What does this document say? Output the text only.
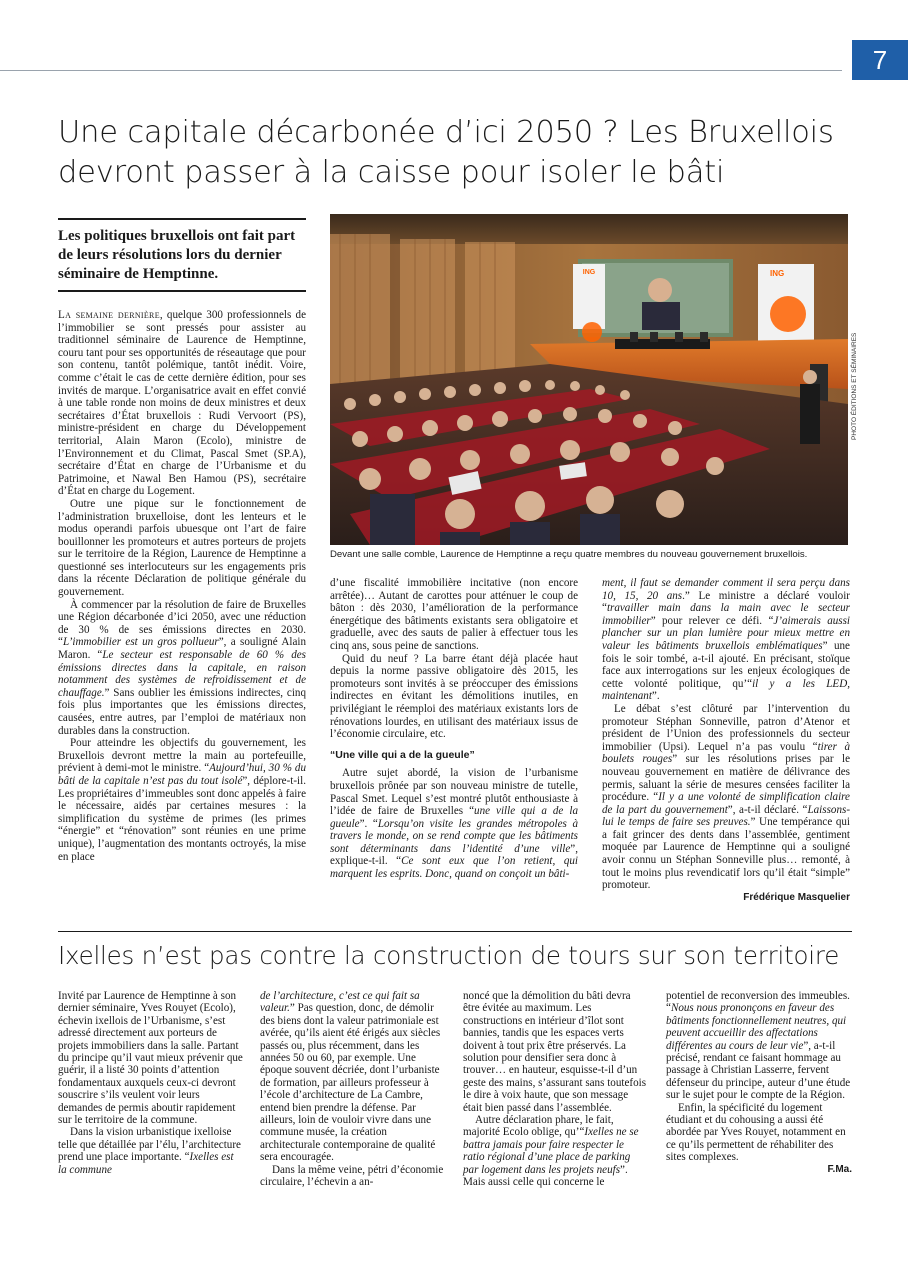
7
Une capitale décarbonée d’ici 2050 ? Les Bruxellois devront passer à la caisse pour isoler le bâti
Les politiques bruxellois ont fait part de leurs résolutions lors du dernier séminaire de Hemptinne.

La semaine dernière, quelque 300 professionnels de l’immobilier se sont pressés pour assister au traditionnel séminaire de Laurence de Hemptinne, couru tant pour ses opportunités de réseautage que pour son contenu, tantôt polémique, tantôt inédit. Voire, comme c’était le cas de cette dernière édition, pour ses invités de marque. L’organisatrice avait en effet convié à une table ronde non moins de deux ministres et deux secrétaires d’État bruxellois : Rudi Vervoort (PS), ministre-président en charge du Développement territorial, Alain Maron (Ecolo), ministre de l’Environnement et du Climat, Pascal Smet (SP.A), secrétaire d’État en charge de l’Urbanisme et du Patrimoine, et Nawal Ben Hamou (PS), secrétaire d’État en charge du Logement.

Outre une pique sur le fonctionnement de l’administration bruxelloise, dont les lenteurs et le modus operandi parfois ubuesque ont l’art de faire bouillonner les promoteurs et autres porteurs de projets sur le territoire de la Région, Laurence de Hemptinne a questionné ses interlocuteurs sur les engagements pris dans la récente Déclaration de politique générale du gouvernement.

À commencer par la résolution de faire de Bruxelles une Région décarbonée d’ici 2050, avec une réduction de 30 % de ses émissions directes en 2030. “L’immobilier est un gros pollueur”, a souligné Alain Maron. “Le secteur est responsable de 60 % des émissions directes dans la capitale, en raison notamment des systèmes de refroidissement et de chauffage.” Sans oublier les émissions indirectes, cinq fois plus importantes que les émissions directes, causées, entre autres, par l’emploi de matériaux non durables dans la construction.

Pour atteindre les objectifs du gouvernement, les Bruxellois devront mettre la main au portefeuille, prévient à demi-mot le ministre. “Aujourd’hui, 30 % du bâti de la capitale n’est pas du tout isolé”, déplore-t-il. Les propriétaires d’immeubles sont donc appelés à faire le nécessaire, aidés par certaines mesures : la simplification du système de primes (les primes “énergie” et “rénovation” sont réunies en une prime unique), l’augmentation des montants octroyés, la mise en place

ING	ING
PHOTO ÉDITIONS ET SÉMINAIRES
Devant une salle comble, Laurence de Hemptinne a reçu quatre membres du nouveau gouvernement bruxellois.

d’une fiscalité immobilière incitative (non encore arrêtée)… Autant de carottes pour atténuer le coup de bâton : dès 2030, l’amélioration de la performance énergétique des bâtiments existants sera obligatoire et graduelle, avec des sauts de palier à effectuer tous les cinq ans, sous peine de sanctions.

Quid du neuf ? La barre étant déjà placée haut depuis la norme passive obligatoire dès 2015, les promoteurs sont invités à se préoccuper des émissions indirectes en évitant les démolitions inutiles, en privilégiant le réemploi des matériaux existants lors de rénovations lourdes, en utilisant des matériaux issus de l’économie circulaire, etc.

“Une ville qui a de la gueule”

Autre sujet abordé, la vision de l’urbanisme bruxellois prônée par son nouveau ministre de tutelle, Pascal Smet. Lequel s’est montré plutôt enthousiaste à l’idée de faire de Bruxelles “une ville qui a de la gueule”. “Lorsqu’on visite les grandes métropoles à travers le monde, on se rend compte que les bâtiments sont déterminants dans l’identité d’une ville”, explique-t-il. “Ce sont eux que l’on retient, qui marquent les esprits. Donc, quand on conçoit un bâti-

ment, il faut se demander comment il sera perçu dans 10, 15, 20 ans.” Le ministre a déclaré vouloir “travailler main dans la main avec le secteur immobilier” pour relever ce défi. “J’aimerais aussi plancher sur un plan lumière pour mieux mettre en valeur les bâtiments bruxellois emblématiques” une fois le soir tombé, a-t-il ajouté. En précisant, stoïque face aux interrogations sur les enjeux écologiques de cette volonté politique, qu’“il y a les LED, maintenant”.

Le débat s’est clôturé par l’intervention du promoteur Stéphan Sonneville, patron d’Atenor et président de l’Union des professionnels du secteur immobilier (Upsi). Lequel n’a pas voulu “tirer à boulets rouges” sur les résolutions prises par le nouveau gouvernement en matière de délivrance des permis, saluant la série de mesures censées faciliter la procédure. “Il y a une volonté de simplification claire de la part du gouvernement”, a-t-il déclaré. “Laissons-lui le temps de faire ses preuves.” Une tempérance qui a fait grincer des dents dans l’assemblée, gentiment moquée par Laurence de Hemptinne qui a souligné avoir connu un Stéphan Sonneville plus… remonté, à tout le moins plus revendicatif lors qu’il était “simple” promoteur.

Frédérique Masquelier
Ixelles n’est pas contre la construction de tours sur son territoire

Invité par Laurence de Hemptinne à son dernier séminaire, Yves Rouyet (Ecolo), échevin ixellois de l’Urbanisme, s’est adressé directement aux porteurs de projets immobiliers dans la salle. Partant du principe qu’il vaut mieux prévenir que guérir, il a listé 30 points d’attention fondamentaux auxquels ceux-ci devront souscrire s’ils veulent voir leurs demandes de permis aboutir rapidement sur le territoire de la commune.

Dans la vision urbanistique ixelloise telle que détaillée par l’élu, l’architecture prend une place importante. “Ixelles est la commune

de l’architecture, c’est ce qui fait sa valeur.” Pas question, donc, de démolir des biens dont la valeur patrimoniale est avérée, qu’ils aient été érigés aux siècles passés ou, plus récemment, dans les années 50 ou 60, par exemple. Une époque souvent décriée, dont l’urbaniste de formation, par ailleurs professeur à l’école d’architecture de La Cambre, entend bien prendre la défense. Par ailleurs, loin de vouloir vivre dans une commune musée, la création architecturale contemporaine de qualité sera encouragée.

Dans la même veine, pétri d’économie circulaire, l’échevin a an-

noncé que la démolition du bâti devra être évitée au maximum. Les constructions en intérieur d’îlot sont bannies, tandis que les espaces verts doivent à tout prix être préservés. La solution pour densifier sera donc à trouver… en hauteur, esquisse-t-il d’un geste des mains, s’assurant sans toutefois le dire à voix haute, que son message était bien passé dans l’assemblée.

Autre déclaration phare, le fait, majorité Ecolo oblige, qu’“Ixelles ne se battra jamais pour faire respecter le ratio régional d’une place de parking par logement dans les projets neufs”. Mais aussi celle qui concerne le

potentiel de reconversion des immeubles. “Nous nous prononçons en faveur des bâtiments fonctionnellement neutres, qui peuvent accueillir des affectations différentes au cours de leur vie”, a-t-il précisé, rendant ce faisant hommage au passage à Christian Lasserre, fervent défenseur du principe, auteur d’une étude sur le sujet pour le compte de la Région.

Enfin, la spécificité du logement étudiant et du cohousing a aussi été abordée par Yves Rouyet, notamment en ce qu’ils permettent de réhabiliter des sites complexes.

F.Ma.
